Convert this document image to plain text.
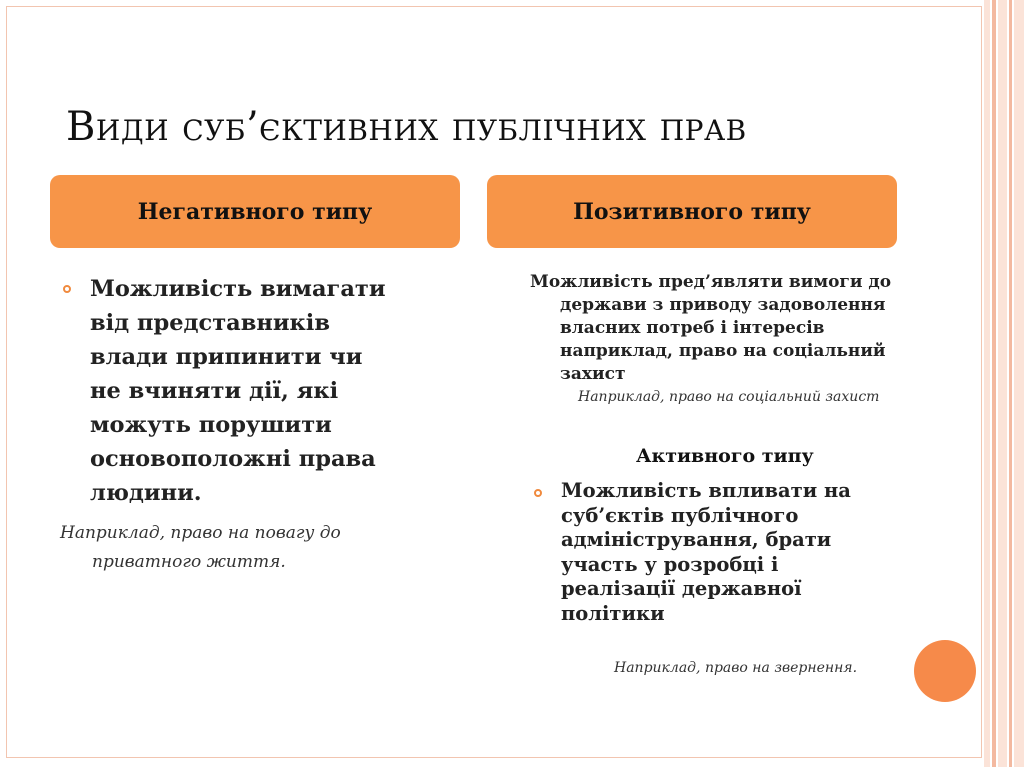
Види суб’єктивних публічних прав
Негативного типу	Позитивного типу
Можливість вимагати
від представників
влади припинити чи
не вчиняти дії, які
можуть порушити
основоположні права
людини.
Наприклад, право на повагу до
приватного життя.
Можливість пред’являти вимоги до
держави з приводу задоволення
власних потреб і інтересів
наприклад, право на соціальний
захист
Наприклад, право на соціальний захист
Активного типу
Можливість впливати на
суб’єктів публічного
адміністрування, брати
участь у розробці і
реалізації державної
політики
Наприклад, право на звернення.
